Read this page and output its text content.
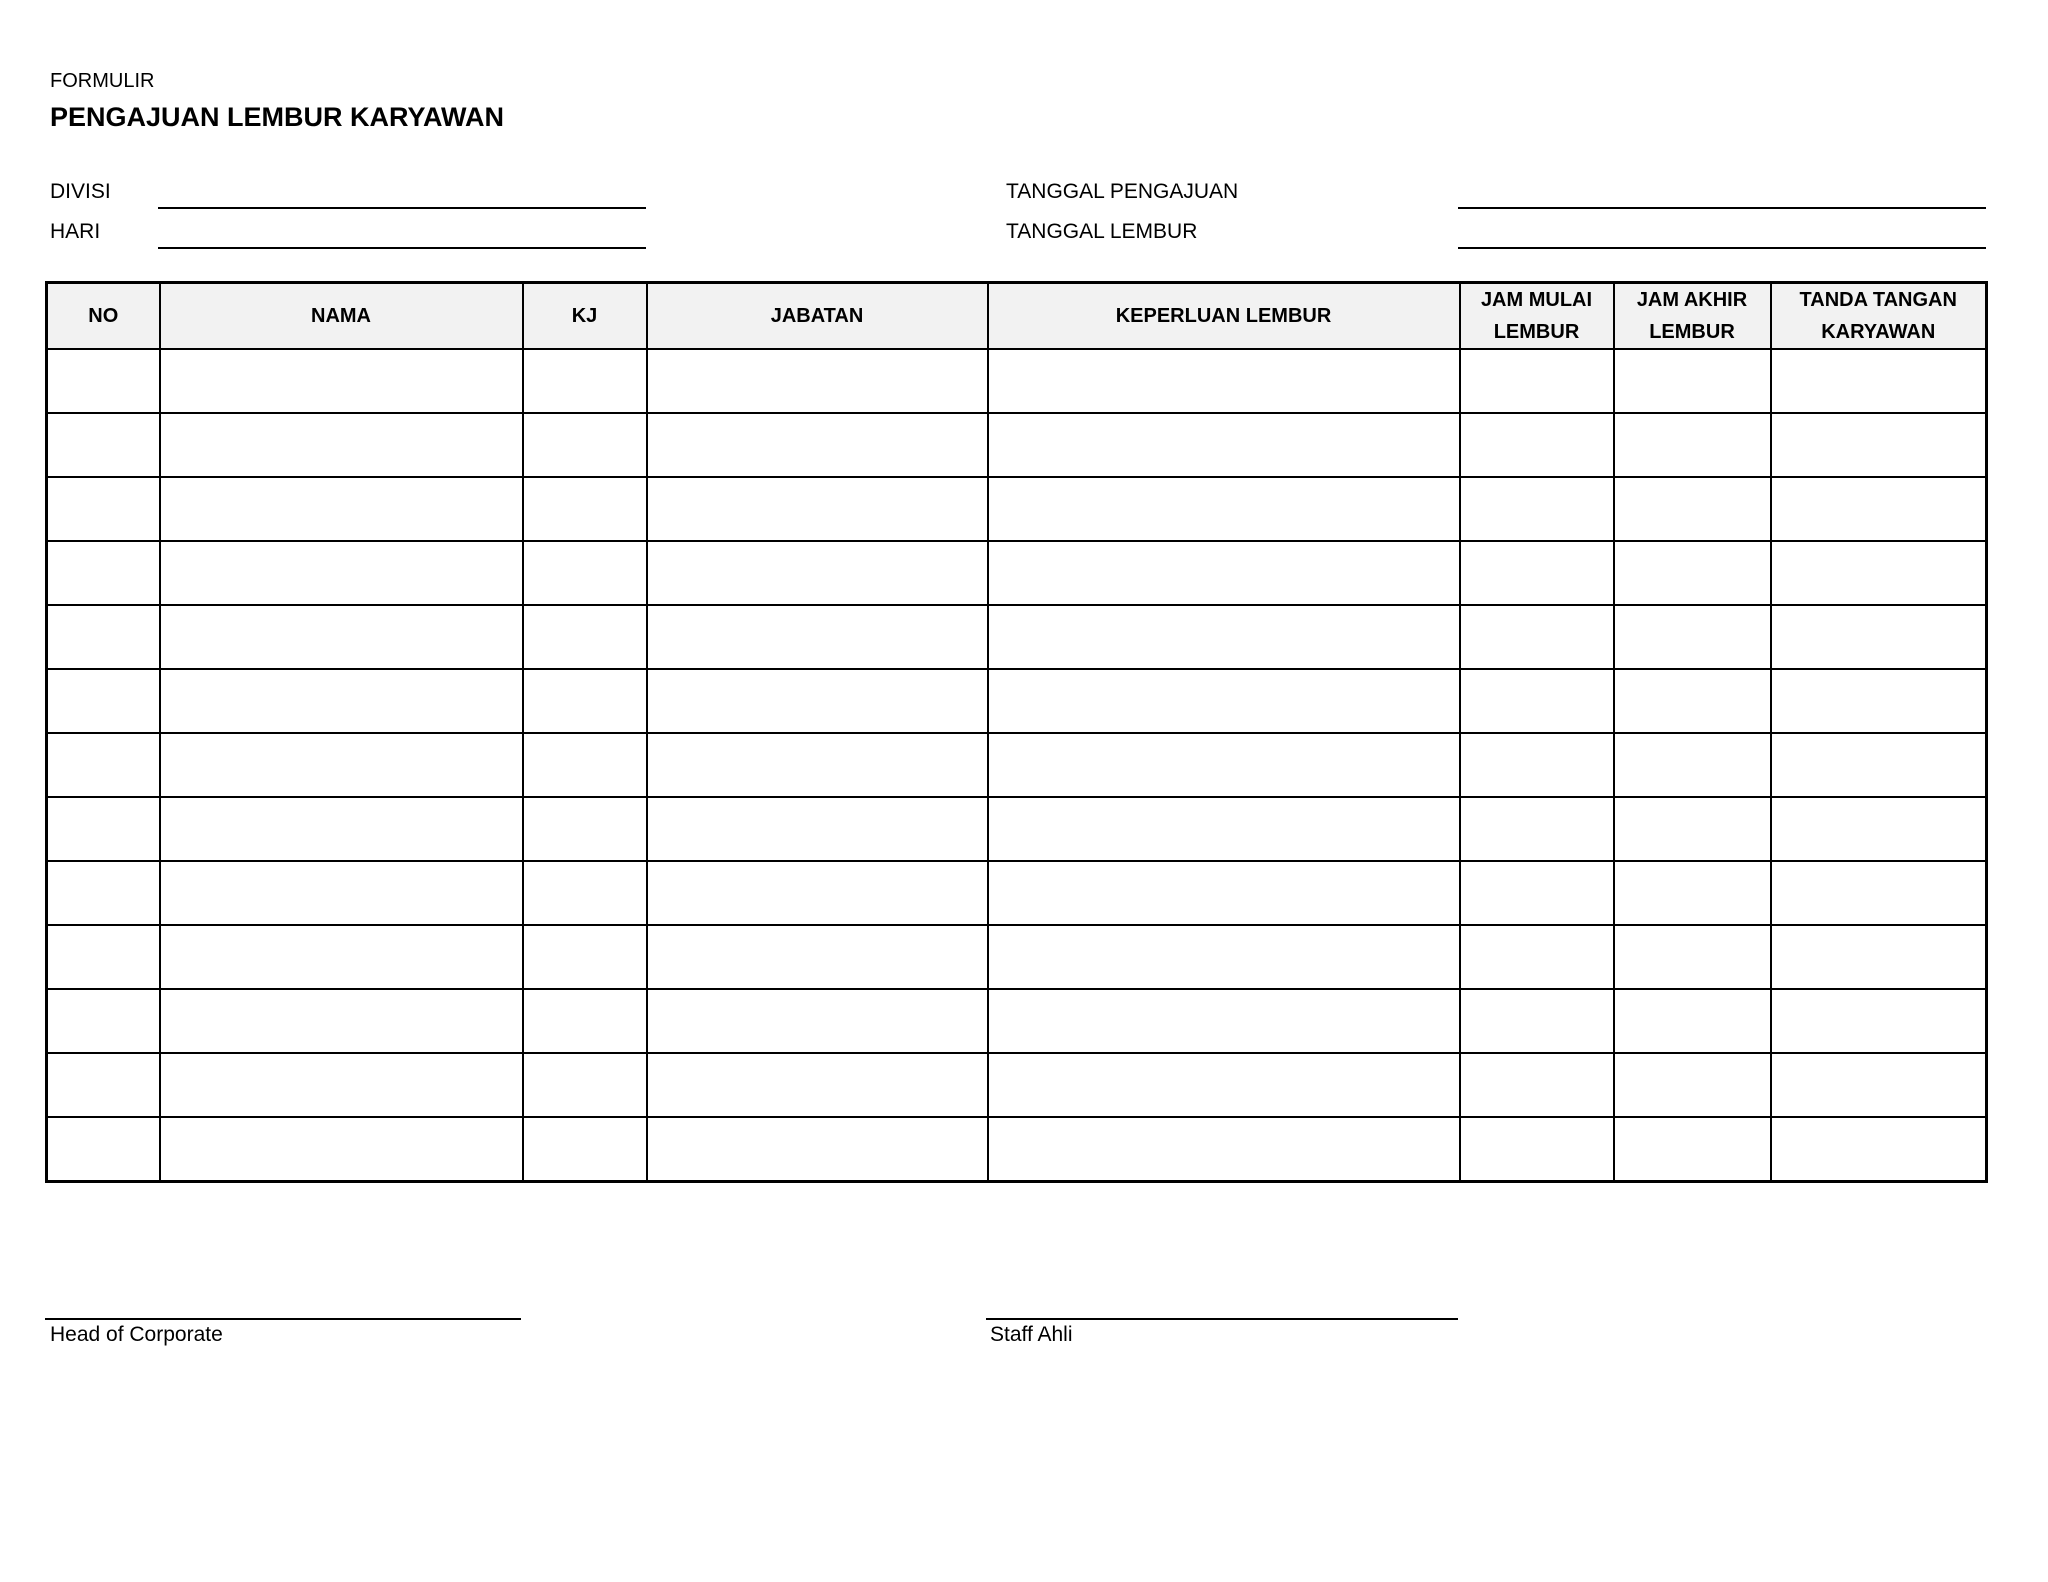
FORMULIR
PENGAJUAN LEMBUR KARYAWAN
DIVISI
HARI
TANGGAL PENGAJUAN
TANGGAL LEMBUR
NO	NAMA	KJ	JABATAN	KEPERLUAN LEMBUR	JAM MULAI LEMBUR	JAM AKHIR LEMBUR	TANDA TANGAN KARYAWAN

Head of Corporate	Staff Ahli
